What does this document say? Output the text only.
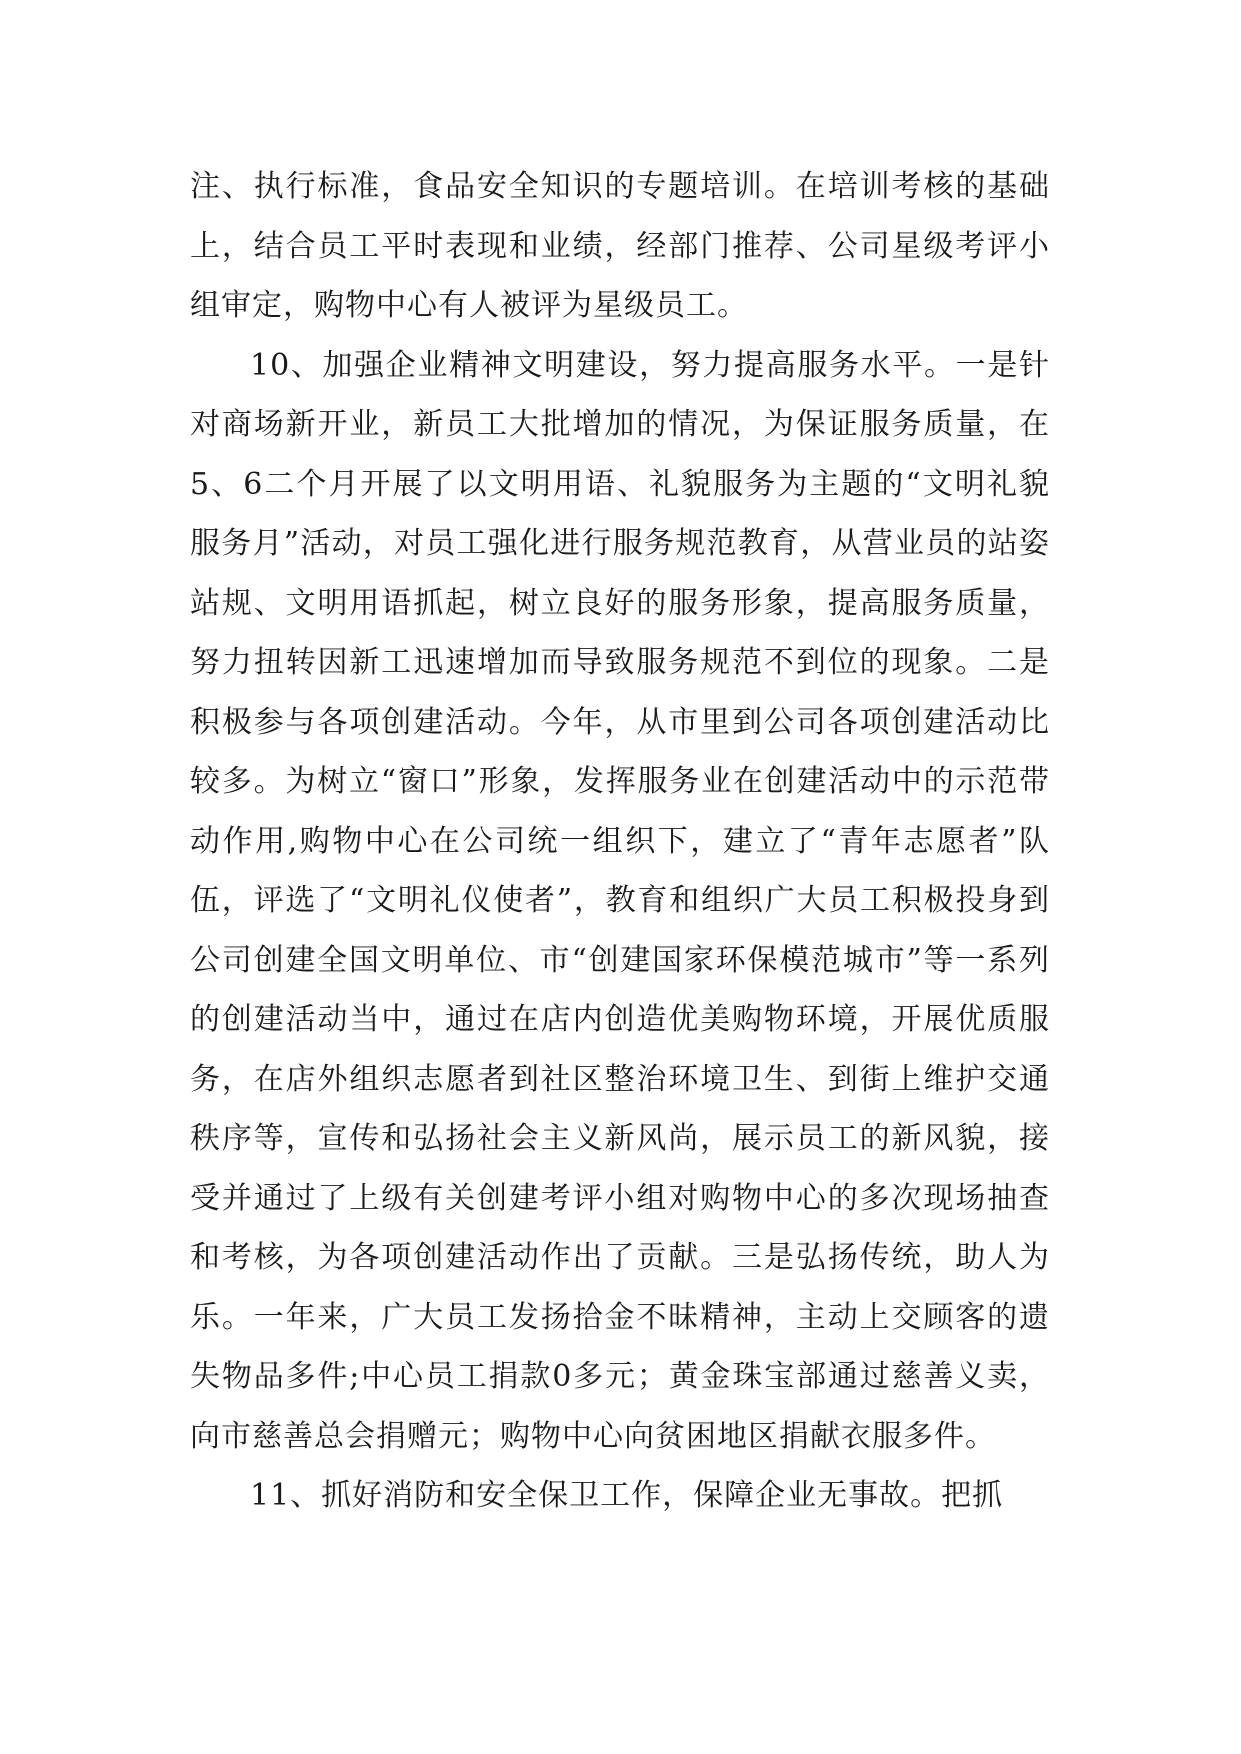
注、执行标准，食品安全知识的专题培训。在培训考核的基础上，结合员工平时表现和业绩，经部门推荐、公司星级考评小组审定，购物中心有人被评为星级员工。

10、加强企业精神文明建设，努力提高服务水平。一是针对商场新开业，新员工大批增加的情况，为保证服务质量，在5、6二个月开展了以文明用语、礼貌服务为主题的“文明礼貌服务月”活动，对员工强化进行服务规范教育，从营业员的站姿站规、文明用语抓起，树立良好的服务形象，提高服务质量，努力扭转因新工迅速增加而导致服务规范不到位的现象。二是积极参与各项创建活动。今年，从市里到公司各项创建活动比较多。为树立“窗口”形象，发挥服务业在创建活动中的示范带动作用,购物中心在公司统一组织下，建立了“青年志愿者”队伍，评选了“文明礼仪使者”，教育和组织广大员工积极投身到公司创建全国文明单位、市“创建国家环保模范城市”等一系列的创建活动当中，通过在店内创造优美购物环境，开展优质服务，在店外组织志愿者到社区整治环境卫生、到街上维护交通秩序等，宣传和弘扬社会主义新风尚，展示员工的新风貌，接受并通过了上级有关创建考评小组对购物中心的多次现场抽查和考核，为各项创建活动作出了贡献。三是弘扬传统，助人为乐。一年来，广大员工发扬拾金不昧精神，主动上交顾客的遗失物品多件;中心员工捐款0多元；黄金珠宝部通过慈善义卖，向市慈善总会捐赠元；购物中心向贫困地区捐献衣服多件。

11、抓好消防和安全保卫工作，保障企业无事故。把抓
